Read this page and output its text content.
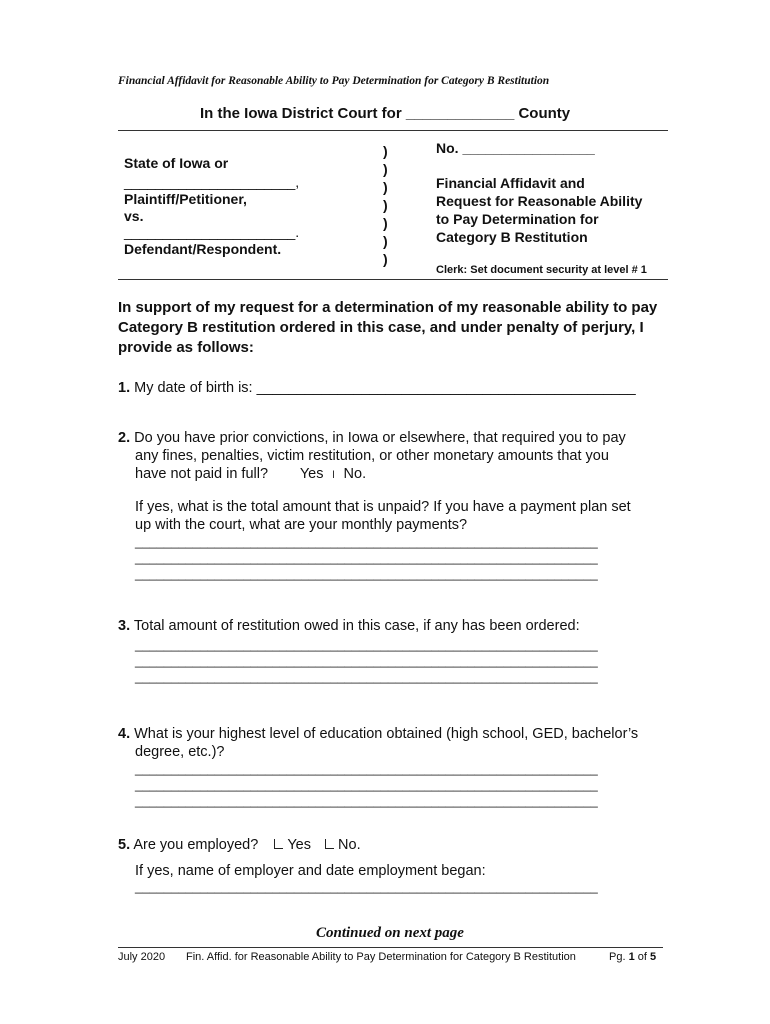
Financial Affidavit for Reasonable Ability to Pay Determination for Category B Restitution
In the Iowa District Court for _____________ County
State of Iowa or
______________________,
Plaintiff/Petitioner,
vs.
______________________.
Defendant/Respondent.
)
)
)
)
)
)
)
No. _________________
Financial Affidavit and
Request for Reasonable Ability
to Pay Determination for
Category B Restitution
Clerk: Set document security at level # 1
In support of my request for a determination of my reasonable ability to pay Category B restitution ordered in this case, and under penalty of perjury, I provide as follows:
1. My date of birth is: _______________________________________________
2. Do you have prior convictions, in Iowa or elsewhere, that required you to pay
any fines, penalties, victim restitution, or other monetary amounts that you
have not paid in full? Yes l No.
If yes, what is the total amount that is unpaid? If you have a payment plan set
up with the court, what are your monthly payments?
________________________________________________________________
________________________________________________________________
________________________________________________________________
3. Total amount of restitution owed in this case, if any has been ordered:
________________________________________________________________
________________________________________________________________
________________________________________________________________
4. What is your highest level of education obtained (high school, GED, bachelor’s
degree, etc.)?
________________________________________________________________
________________________________________________________________
________________________________________________________________
5. Are you employed? Yes No.
If yes, name of employer and date employment began:
________________________________________________________________
Continued on next page
July 2020 Fin. Affid. for Reasonable Ability to Pay Determination for Category B Restitution	Pg. 1 of 5
